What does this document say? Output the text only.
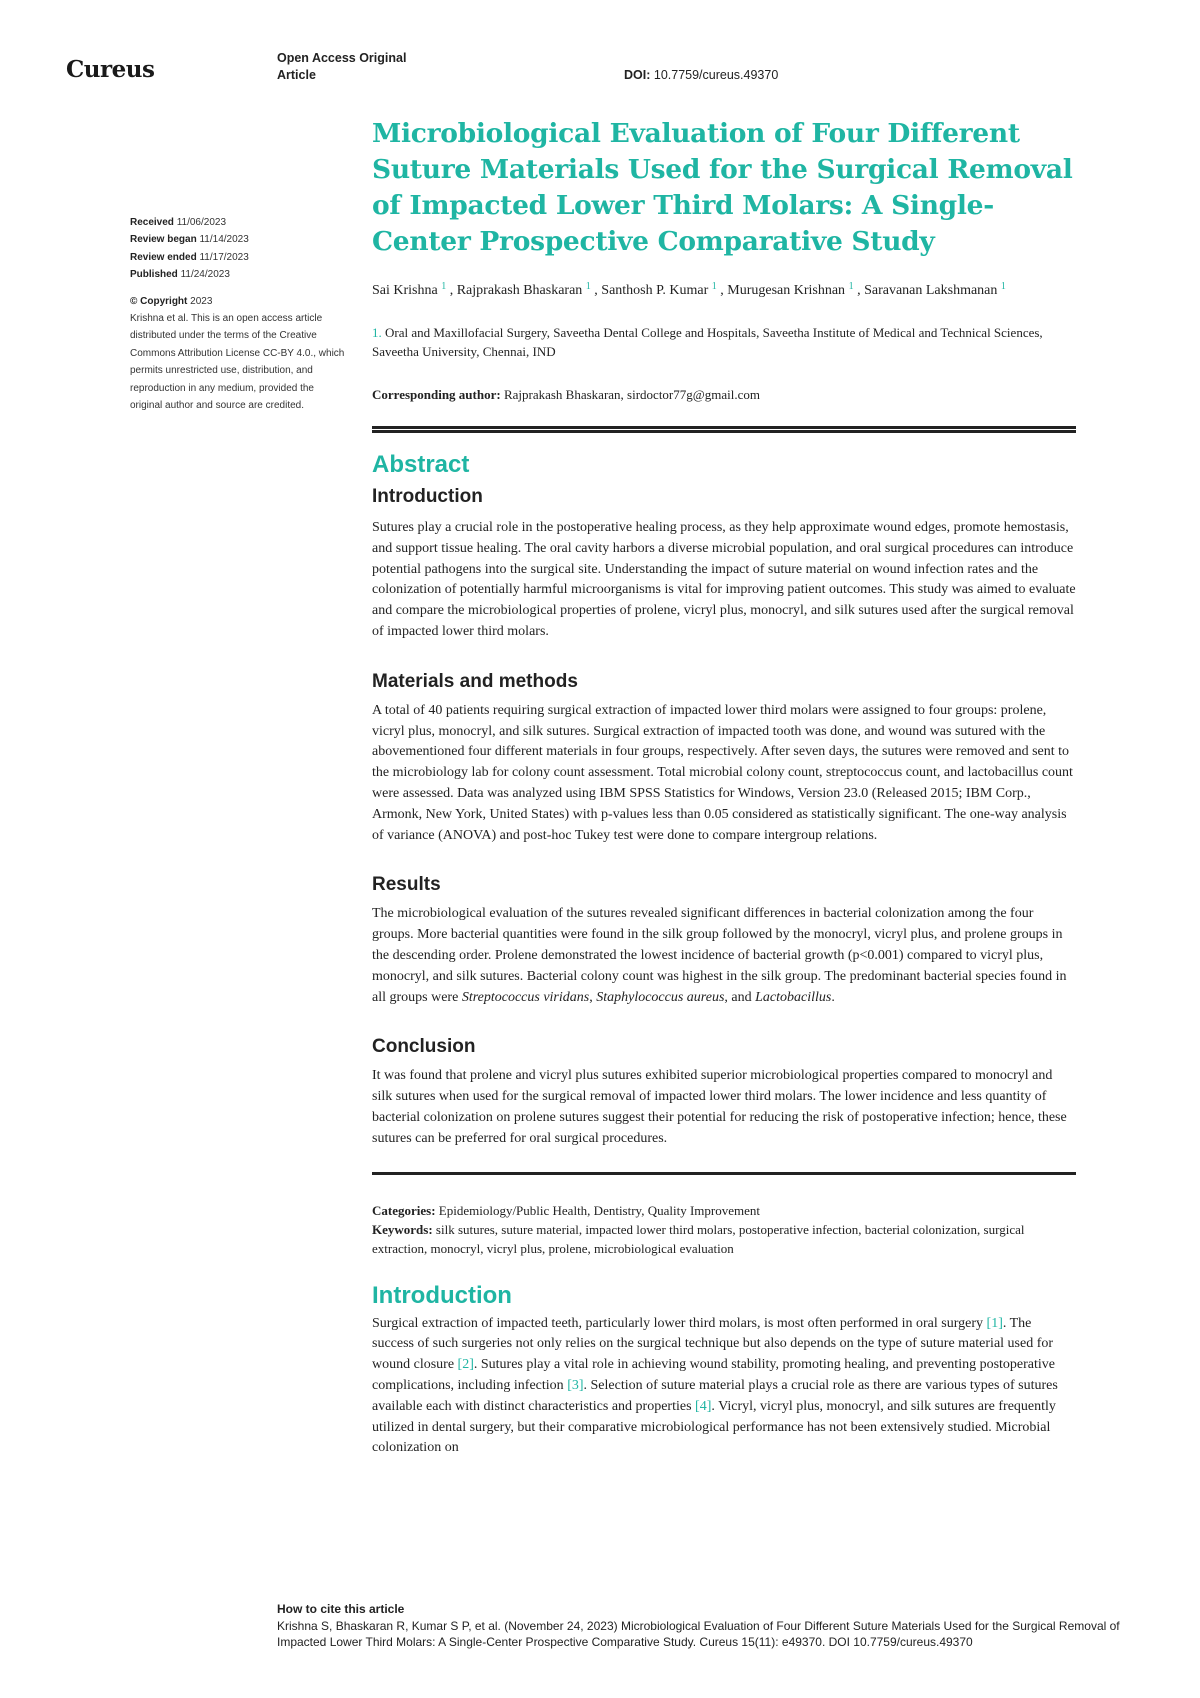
Cureus	Open Access Original Article	DOI: 10.7759/cureus.49370
Received 11/06/2023
Review began 11/14/2023
Review ended 11/17/2023
Published 11/24/2023
© Copyright 2023
Krishna et al. This is an open access article distributed under the terms of the Creative Commons Attribution License CC-BY 4.0., which permits unrestricted use, distribution, and reproduction in any medium, provided the original author and source are credited.
Microbiological Evaluation of Four Different Suture Materials Used for the Surgical Removal of Impacted Lower Third Molars: A Single-Center Prospective Comparative Study
Sai Krishna $^1$ , Rajprakash Bhaskaran $^1$ , Santhosh P. Kumar $^1$ , Murugesan Krishnan $^1$ , Saravanan Lakshmanan $^1$
1. Oral and Maxillofacial Surgery, Saveetha Dental College and Hospitals, Saveetha Institute of Medical and Technical Sciences, Saveetha University, Chennai, IND
Corresponding author: Rajprakash Bhaskaran, sirdoctor77g@gmail.com
Abstract
Introduction

Sutures play a crucial role in the postoperative healing process, as they help approximate wound edges, promote hemostasis, and support tissue healing. The oral cavity harbors a diverse microbial population, and oral surgical procedures can introduce potential pathogens into the surgical site. Understanding the impact of suture material on wound infection rates and the colonization of potentially harmful microorganisms is vital for improving patient outcomes. This study was aimed to evaluate and compare the microbiological properties of prolene, vicryl plus, monocryl, and silk sutures used after the surgical removal of impacted lower third molars.

Materials and methods

A total of 40 patients requiring surgical extraction of impacted lower third molars were assigned to four groups: prolene, vicryl plus, monocryl, and silk sutures. Surgical extraction of impacted tooth was done, and wound was sutured with the abovementioned four different materials in four groups, respectively. After seven days, the sutures were removed and sent to the microbiology lab for colony count assessment. Total microbial colony count, streptococcus count, and lactobacillus count were assessed. Data was analyzed using IBM SPSS Statistics for Windows, Version 23.0 (Released 2015; IBM Corp., Armonk, New York, United States) with p-values less than 0.05 considered as statistically significant. The one-way analysis of variance (ANOVA) and post-hoc Tukey test were done to compare intergroup relations.

Results

The microbiological evaluation of the sutures revealed significant differences in bacterial colonization among the four groups. More bacterial quantities were found in the silk group followed by the monocryl, vicryl plus, and prolene groups in the descending order. Prolene demonstrated the lowest incidence of bacterial growth (p<0.001) compared to vicryl plus, monocryl, and silk sutures. Bacterial colony count was highest in the silk group. The predominant bacterial species found in all groups were Streptococcus viridans, Staphylococcus aureus, and Lactobacillus.

Conclusion

It was found that prolene and vicryl plus sutures exhibited superior microbiological properties compared to monocryl and silk sutures when used for the surgical removal of impacted lower third molars. The lower incidence and less quantity of bacterial colonization on prolene sutures suggest their potential for reducing the risk of postoperative infection; hence, these sutures can be preferred for oral surgical procedures.

Categories: Epidemiology/Public Health, Dentistry, Quality Improvement
Keywords: silk sutures, suture material, impacted lower third molars, postoperative infection, bacterial colonization, surgical extraction, monocryl, vicryl plus, prolene, microbiological evaluation
Introduction

Surgical extraction of impacted teeth, particularly lower third molars, is most often performed in oral surgery [1]. The success of such surgeries not only relies on the surgical technique but also depends on the type of suture material used for wound closure [2]. Sutures play a vital role in achieving wound stability, promoting healing, and preventing postoperative complications, including infection [3]. Selection of suture material plays a crucial role as there are various types of sutures available each with distinct characteristics and properties [4]. Vicryl, vicryl plus, monocryl, and silk sutures are frequently utilized in dental surgery, but their comparative microbiological performance has not been extensively studied. Microbial colonization on

How to cite this article
Krishna S, Bhaskaran R, Kumar S P, et al. (November 24, 2023) Microbiological Evaluation of Four Different Suture Materials Used for the Surgical Removal of Impacted Lower Third Molars: A Single-Center Prospective Comparative Study. Cureus 15(11): e49370. DOI 10.7759/cureus.49370
